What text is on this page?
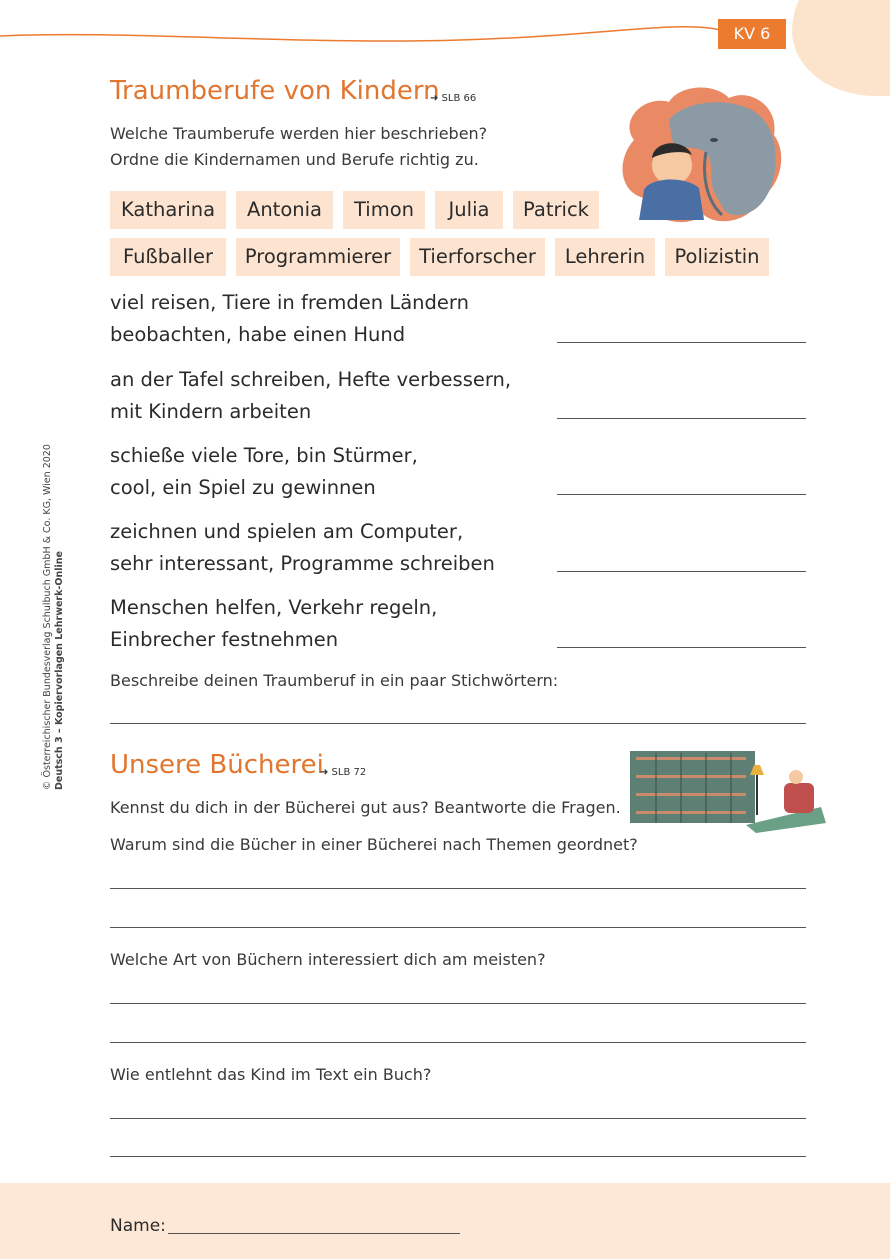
KV 6
Traumberufe von Kindern
➜ SLB 66
Welche Traumberufe werden hier beschrieben?
Ordne die Kindernamen und Berufe richtig zu.
Katharina	Antonia	Timon	Julia	Patrick
Fußballer	Programmierer	Tierforscher	Lehrerin	Polizistin
viel reisen, Tiere in fremden Ländern
beobachten, habe einen Hund
an der Tafel schreiben, Hefte verbessern,
mit Kindern arbeiten
schieße viele Tore, bin Stürmer,
cool, ein Spiel zu gewinnen
zeichnen und spielen am Computer,
sehr interessant, Programme schreiben
Menschen helfen, Verkehr regeln,
Einbrecher festnehmen
Beschreibe deinen Traumberuf in ein paar Stichwörtern:
Unsere Bücherei
➜ SLB 72
Kennst du dich in der Bücherei gut aus? Beantworte die Fragen.
Warum sind die Bücher in einer Bücherei nach Themen geordnet?
Welche Art von Büchern interessiert dich am meisten?
Wie entlehnt das Kind im Text ein Buch?
Name:
© Österreichischer Bundesverlag Schulbuch GmbH & Co. KG, Wien 2020 Deutsch 3 – Kopiervorlagen Lehrwerk-Online
